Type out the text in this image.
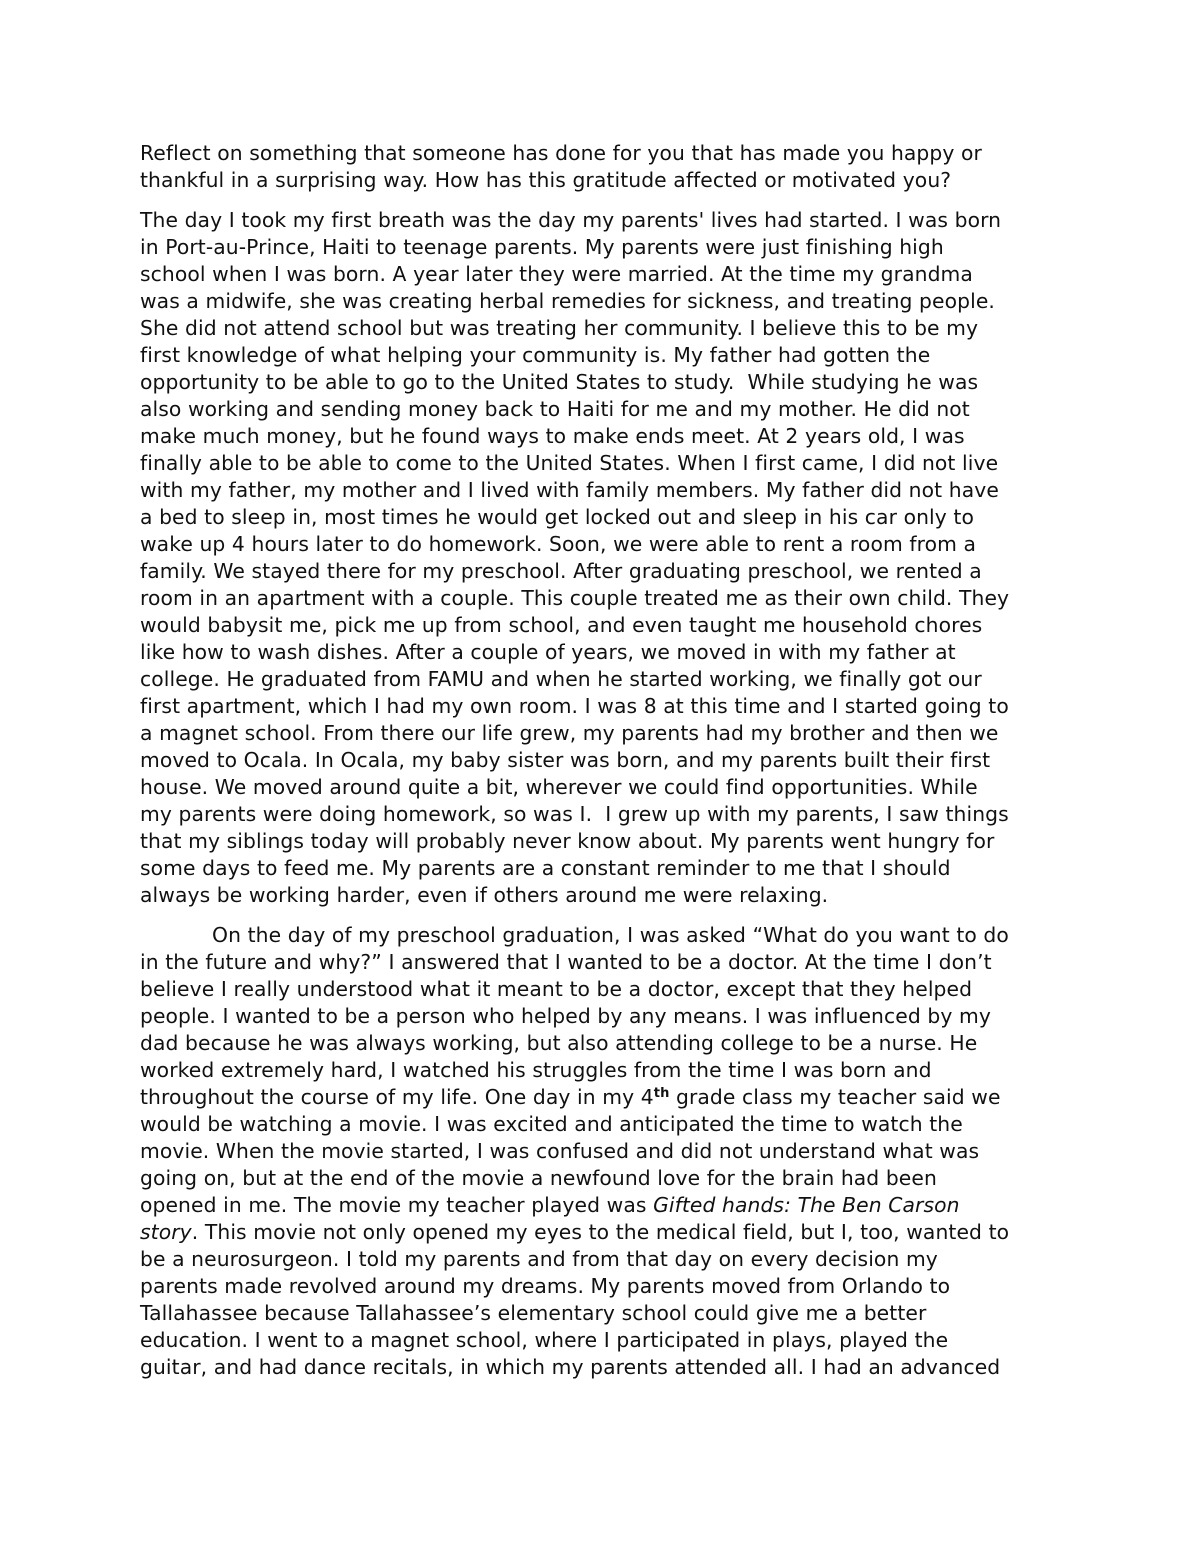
Reflect on something that someone has done for you that has made you happy or
thankful in a surprising way. How has this gratitude affected or motivated you?
The day I took my first breath was the day my parents' lives had started. I was born
in Port-au-Prince, Haiti to teenage parents. My parents were just finishing high
school when I was born. A year later they were married. At the time my grandma
was a midwife, she was creating herbal remedies for sickness, and treating people.
She did not attend school but was treating her community. I believe this to be my
first knowledge of what helping your community is. My father had gotten the
opportunity to be able to go to the United States to study.  While studying he was
also working and sending money back to Haiti for me and my mother. He did not
make much money, but he found ways to make ends meet. At 2 years old, I was
finally able to be able to come to the United States. When I first came, I did not live
with my father, my mother and I lived with family members. My father did not have
a bed to sleep in, most times he would get locked out and sleep in his car only to
wake up 4 hours later to do homework. Soon, we were able to rent a room from a
family. We stayed there for my preschool. After graduating preschool, we rented a
room in an apartment with a couple. This couple treated me as their own child. They
would babysit me, pick me up from school, and even taught me household chores
like how to wash dishes. After a couple of years, we moved in with my father at
college. He graduated from FAMU and when he started working, we finally got our
first apartment, which I had my own room. I was 8 at this time and I started going to
a magnet school. From there our life grew, my parents had my brother and then we
moved to Ocala. In Ocala, my baby sister was born, and my parents built their first
house. We moved around quite a bit, wherever we could find opportunities. While
my parents were doing homework, so was I.  I grew up with my parents, I saw things
that my siblings today will probably never know about. My parents went hungry for
some days to feed me. My parents are a constant reminder to me that I should
always be working harder, even if others around me were relaxing.
On the day of my preschool graduation, I was asked “What do you want to do
in the future and why?” I answered that I wanted to be a doctor. At the time I don’t
believe I really understood what it meant to be a doctor, except that they helped
people. I wanted to be a person who helped by any means. I was influenced by my
dad because he was always working, but also attending college to be a nurse. He
worked extremely hard, I watched his struggles from the time I was born and
throughout the course of my life. One day in my 4th grade class my teacher said we
would be watching a movie. I was excited and anticipated the time to watch the
movie. When the movie started, I was confused and did not understand what was
going on, but at the end of the movie a newfound love for the brain had been
opened in me. The movie my teacher played was Gifted hands: The Ben Carson
story. This movie not only opened my eyes to the medical field, but I, too, wanted to
be a neurosurgeon. I told my parents and from that day on every decision my
parents made revolved around my dreams. My parents moved from Orlando to
Tallahassee because Tallahassee’s elementary school could give me a better
education. I went to a magnet school, where I participated in plays, played the
guitar, and had dance recitals, in which my parents attended all. I had an advanced
